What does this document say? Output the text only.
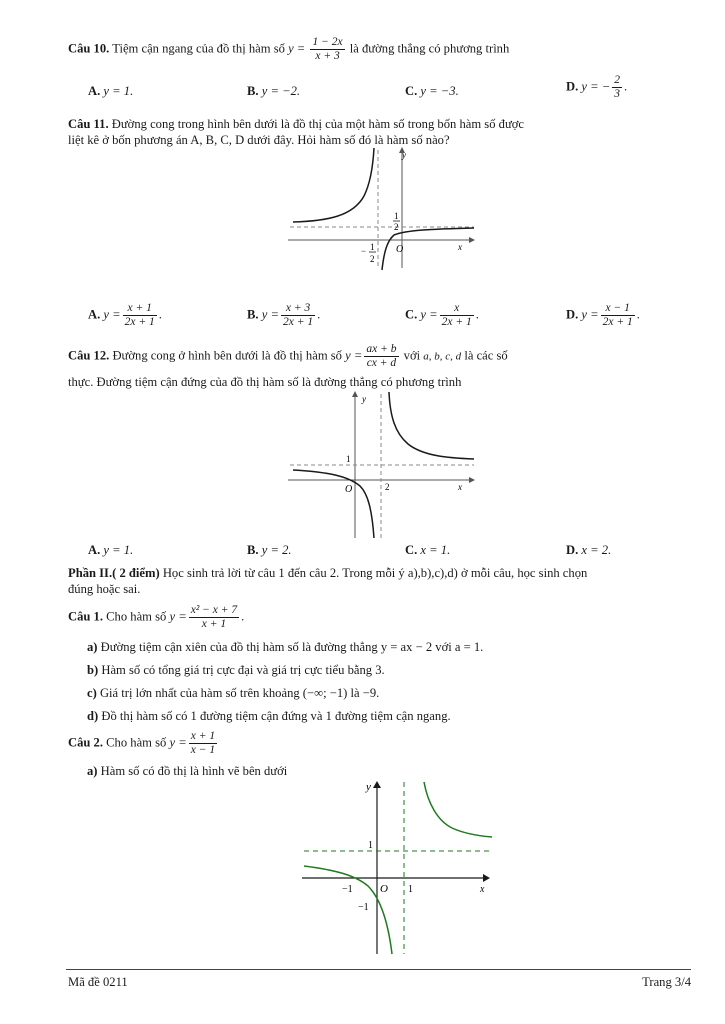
Câu 10. Tiệm cận ngang của đồ thị hàm số $y = \frac{1 - 2x}{x + 3}$ là đường thẳng có phương trình
A. y = 1.	B. y = −2.	C. y = −3.	D. y = − $\frac{2}{3}$ .
Câu 11. Đường cong trong hình bên dưới là đồ thị của một hàm số trong bốn hàm số được
liệt kê ở bốn phương án A, B, C, D dưới đây. Hỏi hàm số đó là hàm số nào?
y
x
O
1
2
− 1
2
A. $y = \frac{x + 1}{2x + 1}$ .	B. $y = \frac{x + 3}{2x + 1}$ .	C. $y = \frac{x}{2x + 1}$ .	D. $y = \frac{x - 1}{2x + 1}$ .
Câu 12. Đường cong ở hình bên dưới là đồ thị hàm số $y = \frac{ax + b}{cx + d}$ với a, b, c, d là các số
thực. Đường tiệm cận đứng của đồ thị hàm số là đường thẳng có phương trình
y
x
O
1
2
A. y = 1.	B. y = 2.	C. x = 1.	D. x = 2.
Phần II.( 2 điểm) Học sinh trả lời từ câu 1 đến câu 2. Trong mỗi ý a),b),c),d) ở mỗi câu, học sinh chọn
đúng hoặc sai.
Câu 1. Cho hàm số $y = \frac{\text{x² − x + 7}}{x + 1}$ .
a) Đường tiệm cận xiên của đồ thị hàm số là đường thẳng y = ax − 2 với a = 1.
b) Hàm số có tổng giá trị cực đại và giá trị cực tiểu bằng 3.
c) Giá trị lớn nhất của hàm số trên khoảng (−∞; −1) là −9.
d) Đồ thị hàm số có 1 đường tiệm cận đứng và 1 đường tiệm cận ngang.
Câu 2. Cho hàm số $y = \frac{x + 1}{x - 1}$
a) Hàm số có đồ thị là hình vẽ bên dưới
y
x
O
1
1
−1
−1
Mã đề 0211	Trang 3/4
